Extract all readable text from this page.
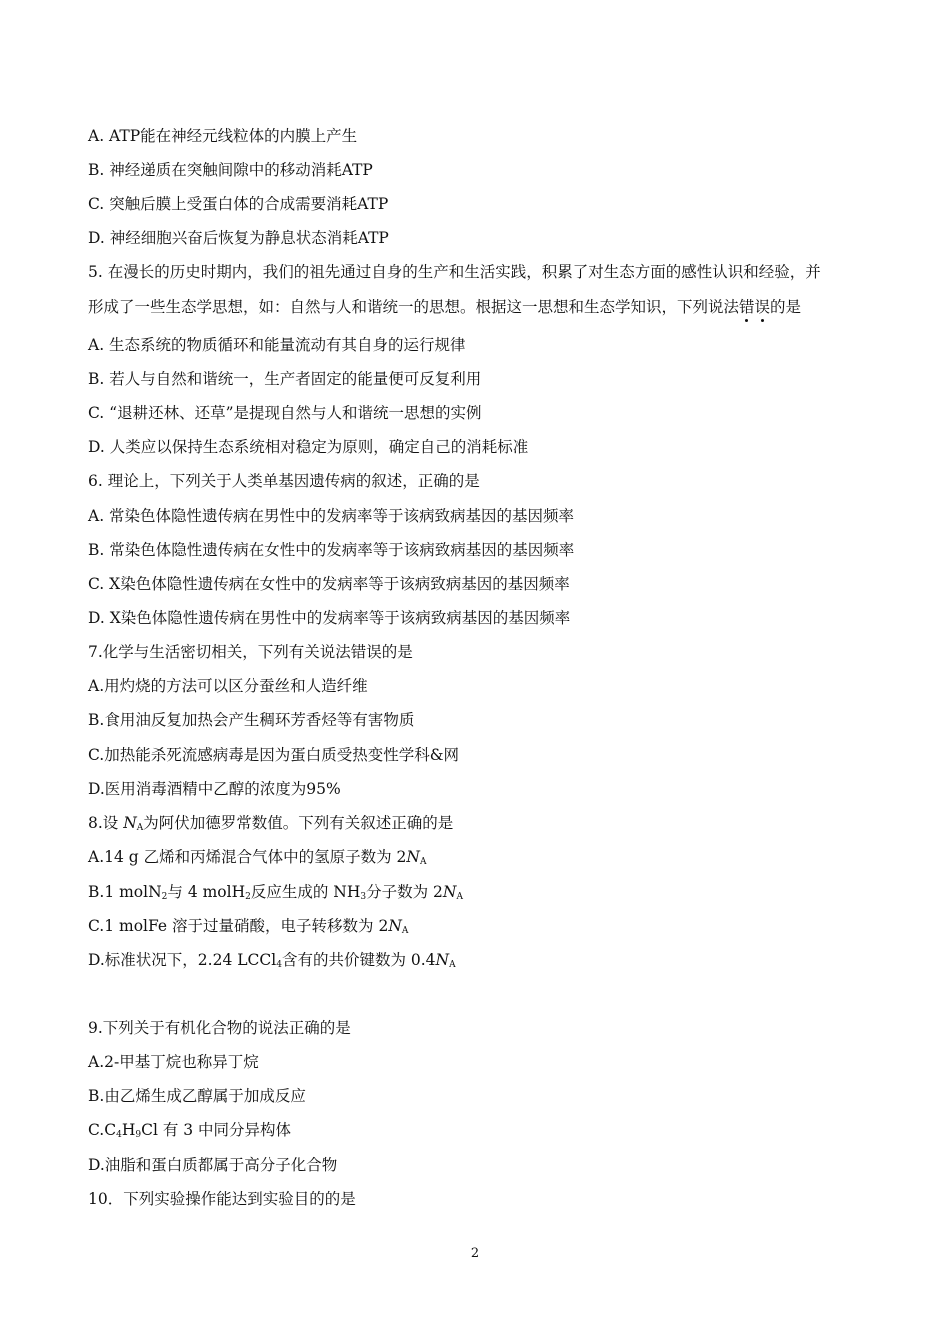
A. ATP能在神经元线粒体的内膜上产生
B. 神经递质在突触间隙中的移动消耗ATP
C. 突触后膜上受蛋白体的合成需要消耗ATP
D. 神经细胞兴奋后恢复为静息状态消耗ATP
5. 在漫长的历史时期内，我们的祖先通过自身的生产和生活实践，积累了对生态方面的感性认识和经验，并
形成了一些生态学思想，如：自然与人和谐统一的思想。根据这一思想和生态学知识，下列说法错误的是
A. 生态系统的物质循环和能量流动有其自身的运行规律
B. 若人与自然和谐统一，生产者固定的能量便可反复利用
C. “退耕还林、还草”是提现自然与人和谐统一思想的实例
D. 人类应以保持生态系统相对稳定为原则，确定自己的消耗标准
6. 理论上，下列关于人类单基因遗传病的叙述，正确的是
A. 常染色体隐性遗传病在男性中的发病率等于该病致病基因的基因频率
B. 常染色体隐性遗传病在女性中的发病率等于该病致病基因的基因频率
C. X染色体隐性遗传病在女性中的发病率等于该病致病基因的基因频率
D. X染色体隐性遗传病在男性中的发病率等于该病致病基因的基因频率
7.化学与生活密切相关，下列有关说法错误的是
A.用灼烧的方法可以区分蚕丝和人造纤维
B.食用油反复加热会产生稠环芳香烃等有害物质
C.加热能杀死流感病毒是因为蛋白质受热变性学科&网
D.医用消毒酒精中乙醇的浓度为95%
8.设 $N_A$为阿伏加德罗常数值。下列有关叙述正确的是
A.14 g 乙烯和丙烯混合气体中的氢原子数为 $2N_A$
B.1 molN$_2$与 4 molH$_2$反应生成的 $NH_3$分子数为 $2N_A$
C.1 molFe 溶于过量硝酸，电子转移数为 $2N_A$
D.标准状况下，2.24 LCCl$_4$含有的共价键数为 $0.4N_A$
9.下列关于有机化合物的说法正确的是
A.2-甲基丁烷也称异丁烷
B.由乙烯生成乙醇属于加成反应
$C.C_4H_9Cl$ 有 3 中同分异构体
D.油脂和蛋白质都属于高分子化合物
10．下列实验操作能达到实验目的的是
2
